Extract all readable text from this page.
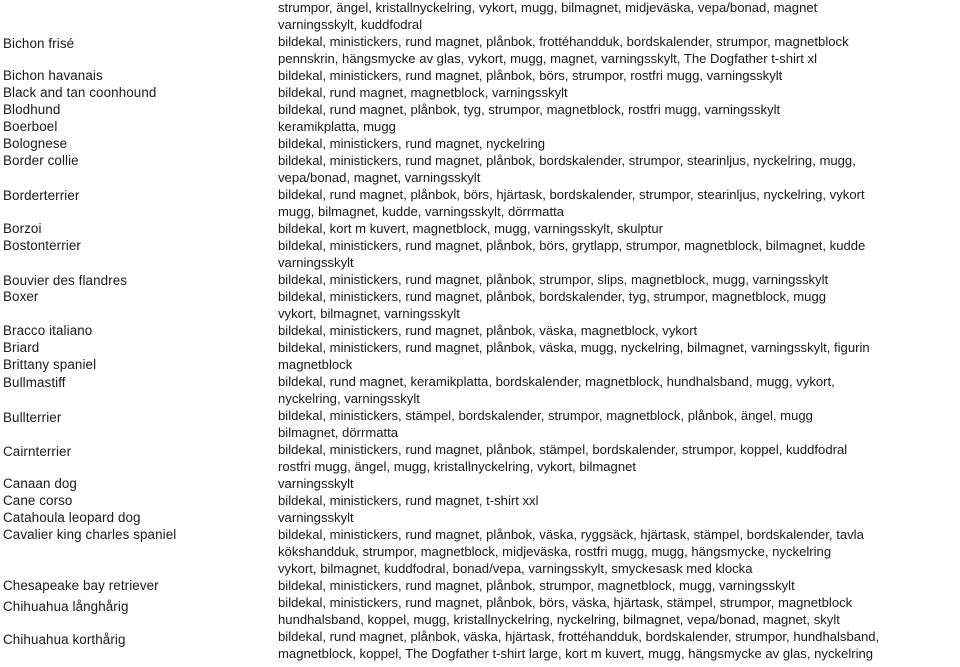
strumpor, ängel, kristallnyckelring, vykort, mugg, bilmagnet, midjeväska, vepa/bonad, magnet
varningsskylt, kuddfodral
Bichon frisé	bildekal, ministickers, rund magnet, plånbok, frottéhandduk, bordskalender, strumpor, magnetblock
pennskrin, hängsmycke av glas, vykort, mugg, magnet, varningsskylt, The Dogfather t-shirt xl
Bichon havanais	bildekal, ministickers, rund magnet, plånbok, börs, strumpor, rostfri mugg, varningsskylt
Black and tan coonhound	bildekal, rund magnet, magnetblock, varningsskylt
Blodhund	bildekal, rund magnet, plånbok, tyg, strumpor, magnetblock, rostfri mugg, varningsskylt
Boerboel	keramikplatta, mugg
Bolognese	bildekal, ministickers, rund magnet, nyckelring
Border collie	bildekal, ministickers, rund magnet, plånbok, bordskalender, strumpor, stearinljus, nyckelring, mugg,
vepa/bonad, magnet, varningsskylt
Borderterrier	bildekal, rund magnet, plånbok, börs, hjärtask, bordskalender, strumpor, stearinljus, nyckelring, vykort
mugg, bilmagnet, kudde, varningsskylt, dörrmatta
Borzoi	bildekal, kort m kuvert, magnetblock, mugg, varningsskylt, skulptur
Bostonterrier	bildekal, ministickers, rund magnet, plånbok, börs, grytlapp, strumpor, magnetblock, bilmagnet, kudde
varningsskylt
Bouvier des flandres	bildekal, ministickers, rund magnet, plånbok, strumpor, slips, magnetblock, mugg, varningsskylt
Boxer	bildekal, ministickers, rund magnet, plånbok, bordskalender, tyg, strumpor, magnetblock, mugg
vykort, bilmagnet, varningsskylt
Bracco italiano	bildekal, ministickers, rund magnet, plånbok, väska, magnetblock, vykort
Briard	bildekal, ministickers, rund magnet, plånbok, väska, mugg, nyckelring, bilmagnet, varningsskylt, figurin
Brittany spaniel	magnetblock
Bullmastiff	bildekal, rund magnet, keramikplatta, bordskalender, magnetblock, hundhalsband, mugg, vykort,
nyckelring, varningsskylt
Bullterrier	bildekal, ministickers, stämpel, bordskalender, strumpor, magnetblock, plånbok, ängel, mugg
bilmagnet, dörrmatta
Cairnterrier	bildekal, ministickers, rund magnet, plånbok, stämpel, bordskalender, strumpor, koppel, kuddfodral
rostfri mugg, ängel, mugg, kristallnyckelring, vykort, bilmagnet
Canaan dog	varningsskylt
Cane corso	bildekal, ministickers, rund magnet, t-shirt xxl
Catahoula leopard dog	varningsskylt
Cavalier king charles spaniel	bildekal, ministickers, rund magnet, plånbok, väska, ryggsäck, hjärtask, stämpel, bordskalender, tavla
kökshandduk, strumpor, magnetblock, midjeväska, rostfri mugg, mugg, hängsmycke, nyckelring
vykort, bilmagnet, kuddfodral, bonad/vepa, varningsskylt, smyckesask med klocka
Chesapeake bay retriever	bildekal, ministickers, rund magnet, plånbok, strumpor, magnetblock, mugg, varningsskylt
Chihuahua långhårig	bildekal, ministickers, rund magnet, plånbok, börs, väska, hjärtask, stämpel, strumpor, magnetblock
hundhalsband, koppel, mugg, kristallnyckelring, nyckelring, bilmagnet, vepa/bonad, magnet, skylt
Chihuahua korthårig	bildekal, rund magnet, plånbok, väska, hjärtask, frottéhandduk, bordskalender, strumpor, hundhalsband,
magnetblock, koppel, The Dogfather t-shirt large, kort m kuvert, mugg, hängsmycke av glas, nyckelring
